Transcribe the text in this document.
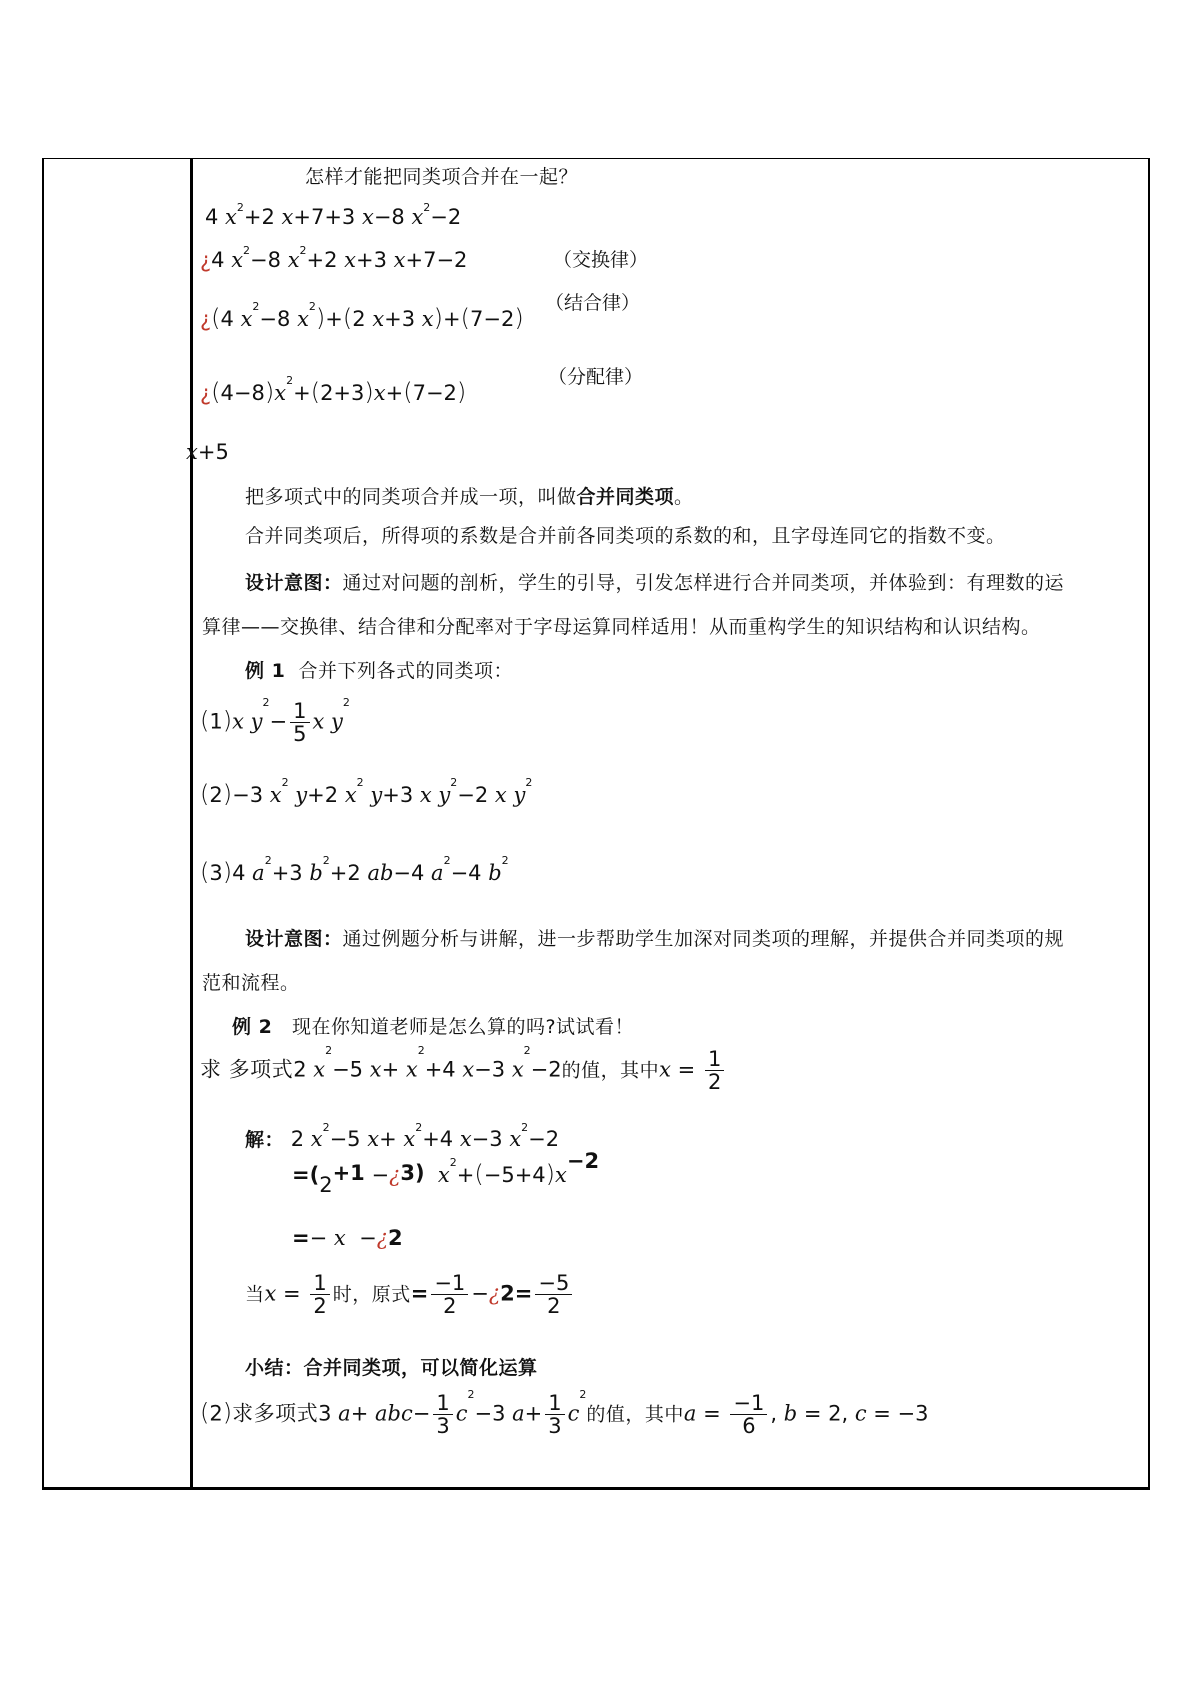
怎样才能把同类项合并在一起？
4 $x^2+2$ x+7+3 x−8 $x^2-2$
¿4 $x^2-8$ $x^2+2$ x+3 x+7−2	（交换律）
¿(4 $x^2-8$ $x^2)+(2$ x+3 x)+(7−2)
（结合律）
¿$(4-8)x^2+(2+3)x+(7-2)$
（分配律）
x+5
把多项式中的同类项合并成一项，叫做合并同类项。
合并同类项后，所得项的系数是合并前各同类项的系数的和，且字母连同它的指数不变。
设计意图：通过对问题的剖析，学生的引导，引发怎样进行合并同类项，并体验到：有理数的运
算律——交换律、结合律和分配率对于字母运算同样适用！从而重构学生的知识结构和认识结构。
例 1 合并下列各式的同类项：
(1)x $y^2- \frac{1}{5}$ x $y^2$
(2)−3 $x^2$ y+2 $x^2$ y+3 x $y^2-2$ x $y^2$
(3)4 $a^2+3$ $b^2+2$ ab−4 $a^2-4$ $b^2$
设计意图：通过例题分析与讲解，进一步帮助学生加深对同类项的理解，并提供合并同类项的规
范和流程。
例 2 现在你知道老师是怎么算的吗?试试看！
求 多项式2 $x^2-5$ $x+ x^2+4$ x−3 $x^2-2$的值，其中$x = \frac{1}{2}$
解： 2 $x^2-5$ $x+ x^2+4$ x−3 $x^2-2$
=(2+1 −¿3) $x^2+(-5+4)x-2$
=− x  −¿2
当$x = \frac{1}{2}$ 时，原式= $\frac{-1}{2}$ −¿2= $\frac{-5}{2}$
小结：合并同类项，可以简化运算
(2)求多项式3 $a+ abc- \frac{1}{3} c^2-3$ $a+ \frac{1}{3} c^2$的值，其中$a = \frac{-1}{6}$ , b = 2, c = −3
